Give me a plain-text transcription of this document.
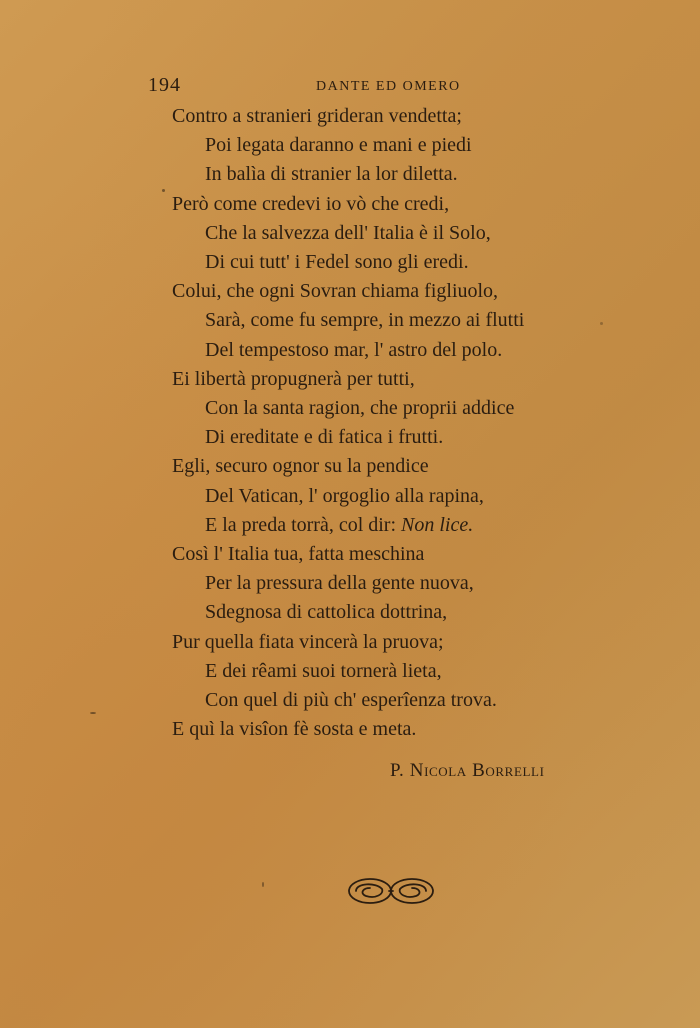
194	DANTE ED OMERO
Contro a stranieri grideran vendetta;
Poi legata daranno e mani e piedi
In balìa di stranier la lor diletta.
Però come credevi io vò che credi,
Che la salvezza dell' Italia è il Solo,
Di cui tutt' i Fedel sono gli eredi.
Colui, che ogni Sovran chiama figliuolo,
Sarà, come fu sempre, in mezzo ai flutti
Del tempestoso mar, l' astro del polo.
Ei libertà propugnerà per tutti,
Con la santa ragion, che proprii addice
Di ereditate e di fatica i frutti.
Egli, securo ognor su la pendice
Del Vatican, l' orgoglio alla rapina,
E la preda torrà, col dir: Non lice.
Così l' Italia tua, fatta meschina
Per la pressura della gente nuova,
Sdegnosa di cattolica dottrina,
Pur quella fiata vincerà la pruova;
E dei rêami suoi tornerà lieta,
Con quel di più ch' esperîenza trova.
E quì la visîon fè sosta e meta.
P. Nicola Borrelli
